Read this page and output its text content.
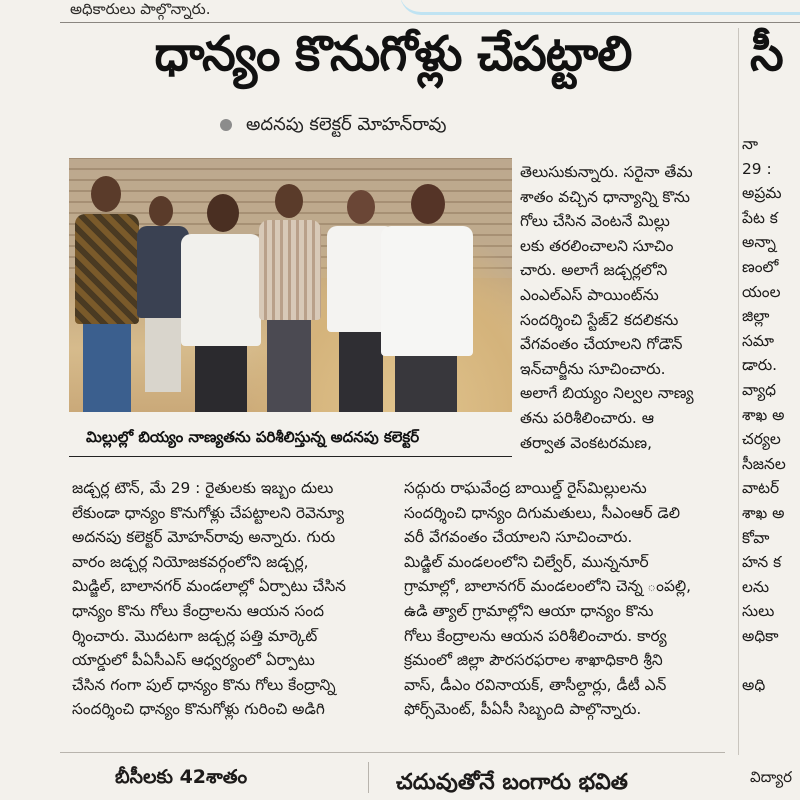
అధికారులు పాల్గొన్నారు.
ధాన్యం కొనుగోళ్లు చేపట్టాలి
అదనపు కలెక్టర్ మోహన్‌రావు
మిల్లుల్లో బియ్యం నాణ్యతను పరిశీలిస్తున్న అదనపు కలెక్టర్

తెలుసుకున్నారు. సరైనా తేమ

శాతం వచ్చిన ధాన్యాన్ని కొను

గోలు చేసిన వెంటనే మిల్లు

లకు తరలించాలని సూచిం

చారు. అలాగే జడ్చర్లలోని

ఎంఎల్ఎస్ పాయింట్‌ను

సందర్శించి స్టేజ్2 కదలికను

వేగవంతం చేయాలని గోడౌన్

ఇన్‌చార్జీను సూచించారు.

అలాగే బియ్యం నిల్వల నాణ్య

తను పరిశీలించారు. ఆ

తర్వాత వెంకటరమణ,

జడ్చర్ల టౌన్, మే 29 : రైతులకు ఇబ్బం దులు

లేకుండా ధాన్యం కొనుగోళ్లు చేపట్టాలని రెవెన్యూ

అదనపు కలెక్టర్ మోహన్‌రావు అన్నారు. గురు

వారం జడ్చర్ల నియోజకవర్గంలోని జడ్చర్ల,

మిడ్జిల్, బాలానగర్ మండలాల్లో ఏర్పాటు చేసిన

ధాన్యం కొను గోలు కేంద్రాలను ఆయన సంద

ర్శించారు. మొదటగా జడ్చర్ల పత్తి మార్కెట్

యార్డులో పీఏసీఎస్ ఆధ్వర్యంలో ఏర్పాటు

చేసిన గంగా పుల్ ధాన్యం కొను గోలు కేంద్రాన్ని

సందర్శించి ధాన్యం కొనుగోళ్లు గురించి అడిగి

సద్గురు రాఘవేంద్ర బాయిల్డ్ రైస్‌మిల్లులను

సందర్శించి ధాన్యం దిగుమతులు, సీఎంఆర్ డెలి

వరీ వేగవంతం చేయాలని సూచించారు.

మిడ్జిల్ మండలంలోని చిల్వేర్, మున్ననూర్

గ్రామాల్లో, బాలానగర్ మండలంలోని చెన్న ంపల్లి,

ఉడి త్యాల్ గ్రామాల్లోని ఆయా ధాన్యం కొను

గోలు కేంద్రాలను ఆయన పరిశీలించారు. కార్య

క్రమంలో జిల్లా పౌరసరఫరాల శాఖాధికారి శ్రీని

వాస్, డీఎం రవినాయక్, తాసీల్దార్లు, డీటీ ఎన్

ఫోర్స్‌మెంట్, పీఏసీ సిబ్బంది పాల్గొన్నారు.

సీ

నా

29 :

అప్రమ

పేట క

అన్నా

ణంలో

యంల

జిల్లా

సమా

డారు.

వ్యాధ

శాఖ అ

చర్యల

సీజనల

వాటర్

శాఖ అ

కోవా

హన క

లను

సులు

అధికా

అధి

బీసీలకు 42శాతం	చదువుతోనే బంగారు భవిత	విద్యార
